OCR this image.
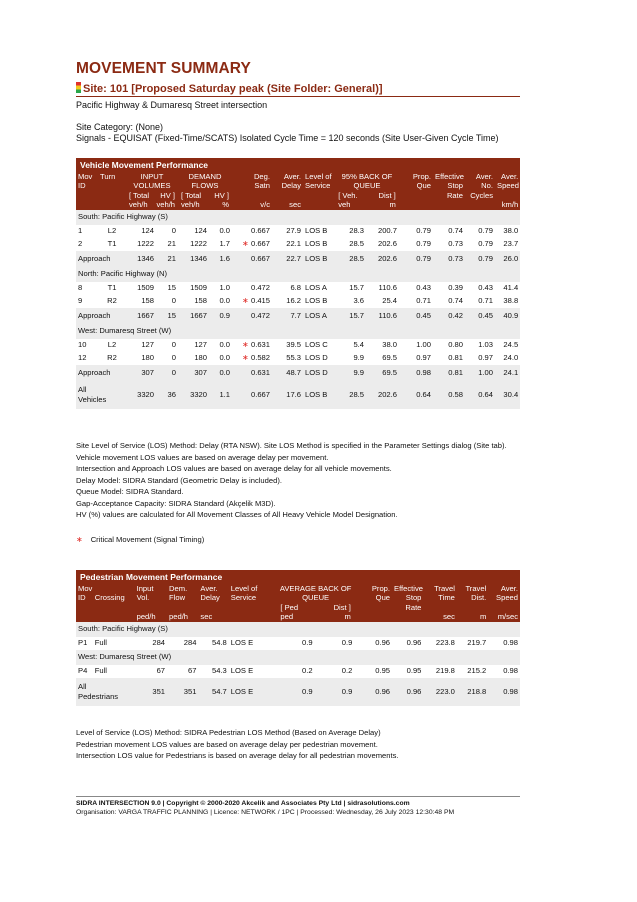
MOVEMENT SUMMARY
Site: 101 [Proposed Saturday peak (Site Folder: General)]
Pacific Highway & Dumaresq Street intersection
Site Category: (None)
Signals - EQUISAT (Fixed-Time/SCATS) Isolated Cycle Time = 120 seconds (Site User-Given Cycle Time)
Vehicle Movement Performance														
Mov
ID	Turn	INPUT
VOLUMES
[ Total HV ]
veh/h veh/h		DEMAND
FLOWS
[ Total HV ]
veh/h %		Deg.
Satn

v/c	Aver.
Delay

sec	Level of
Service	95% BACK OF
QUEUE
[ Veh. Dist ]
veh m		Prop.
Que	Effective
Stop
Rate	Aver.
No.
Cycles	Aver.
Speed

km/h
South: Pacific Highway (S)														
1	L2	124	0	124	0.0	0.667	27.9	LOS B	28.3	200.7	0.79	0.74	0.79	38.0
2	T1	1222	21	1222	1.7	∗ 0.667	22.1	LOS B	28.5	202.6	0.79	0.73	0.79	23.7
Approach		1346	21	1346	1.6	0.667	22.7	LOS B	28.5	202.6	0.79	0.73	0.79	26.0
North: Pacific Highway (N)														
8	T1	1509	15	1509	1.0	0.472	6.8	LOS A	15.7	110.6	0.43	0.39	0.43	41.4
9	R2	158	0	158	0.0	∗ 0.415	16.2	LOS B	3.6	25.4	0.71	0.74	0.71	38.8
Approach		1667	15	1667	0.9	0.472	7.7	LOS A	15.7	110.6	0.45	0.42	0.45	40.9
West: Dumaresq Street (W)														
10	L2	127	0	127	0.0	∗ 0.631	39.5	LOS C	5.4	38.0	1.00	0.80	1.03	24.5
12	R2	180	0	180	0.0	∗ 0.582	55.3	LOS D	9.9	69.5	0.97	0.81	0.97	24.0
Approach		307	0	307	0.0	0.631	48.7	LOS D	9.9	69.5	0.98	0.81	1.00	24.1
All
Vehicles		3320	36	3320	1.1	0.667	17.6	LOS B	28.5	202.6	0.64	0.58	0.64	30.4
Site Level of Service (LOS) Method: Delay (RTA NSW). Site LOS Method is specified in the Parameter Settings dialog (Site tab).
Vehicle movement LOS values are based on average delay per movement.
Intersection and Approach LOS values are based on average delay for all vehicle movements.
Delay Model: SIDRA Standard (Geometric Delay is included).
Queue Model: SIDRA Standard.
Gap-Acceptance Capacity: SIDRA Standard (Akçelik M3D).
HV (%) values are calculated for All Movement Classes of All Heavy Vehicle Model Designation.
∗ Critical Movement (Signal Timing)
Pedestrian Movement Performance												
Mov
ID	Crossing	Input
Vol.

ped/h	Dem.
Flow

ped/h	Aver.
Delay

sec	Level of
Service	AVERAGE BACK OF
QUEUE
[ Ped Dist ]
ped m		Prop.
Que	Effective
Stop
Rate	Travel
Time

sec	Travel
Dist.

m	Aver.
Speed

m/sec
South: Pacific Highway (S)												
P1	Full	284	284	54.8	LOS E	0.9	0.9	0.96	0.96	223.8	219.7	0.98
West: Dumaresq Street (W)												
P4	Full	67	67	54.3	LOS E	0.2	0.2	0.95	0.95	219.8	215.2	0.98
All
Pedestrians		351	351	54.7	LOS E	0.9	0.9	0.96	0.96	223.0	218.8	0.98
Level of Service (LOS) Method: SIDRA Pedestrian LOS Method (Based on Average Delay)
Pedestrian movement LOS values are based on average delay per pedestrian movement.
Intersection LOS value for Pedestrians is based on average delay for all pedestrian movements.
SIDRA INTERSECTION 9.0 | Copyright © 2000-2020 Akcelik and Associates Pty Ltd | sidrasolutions.com
Organisation: VARGA TRAFFIC PLANNING | Licence: NETWORK / 1PC | Processed: Wednesday, 26 July 2023 12:30:48 PM
